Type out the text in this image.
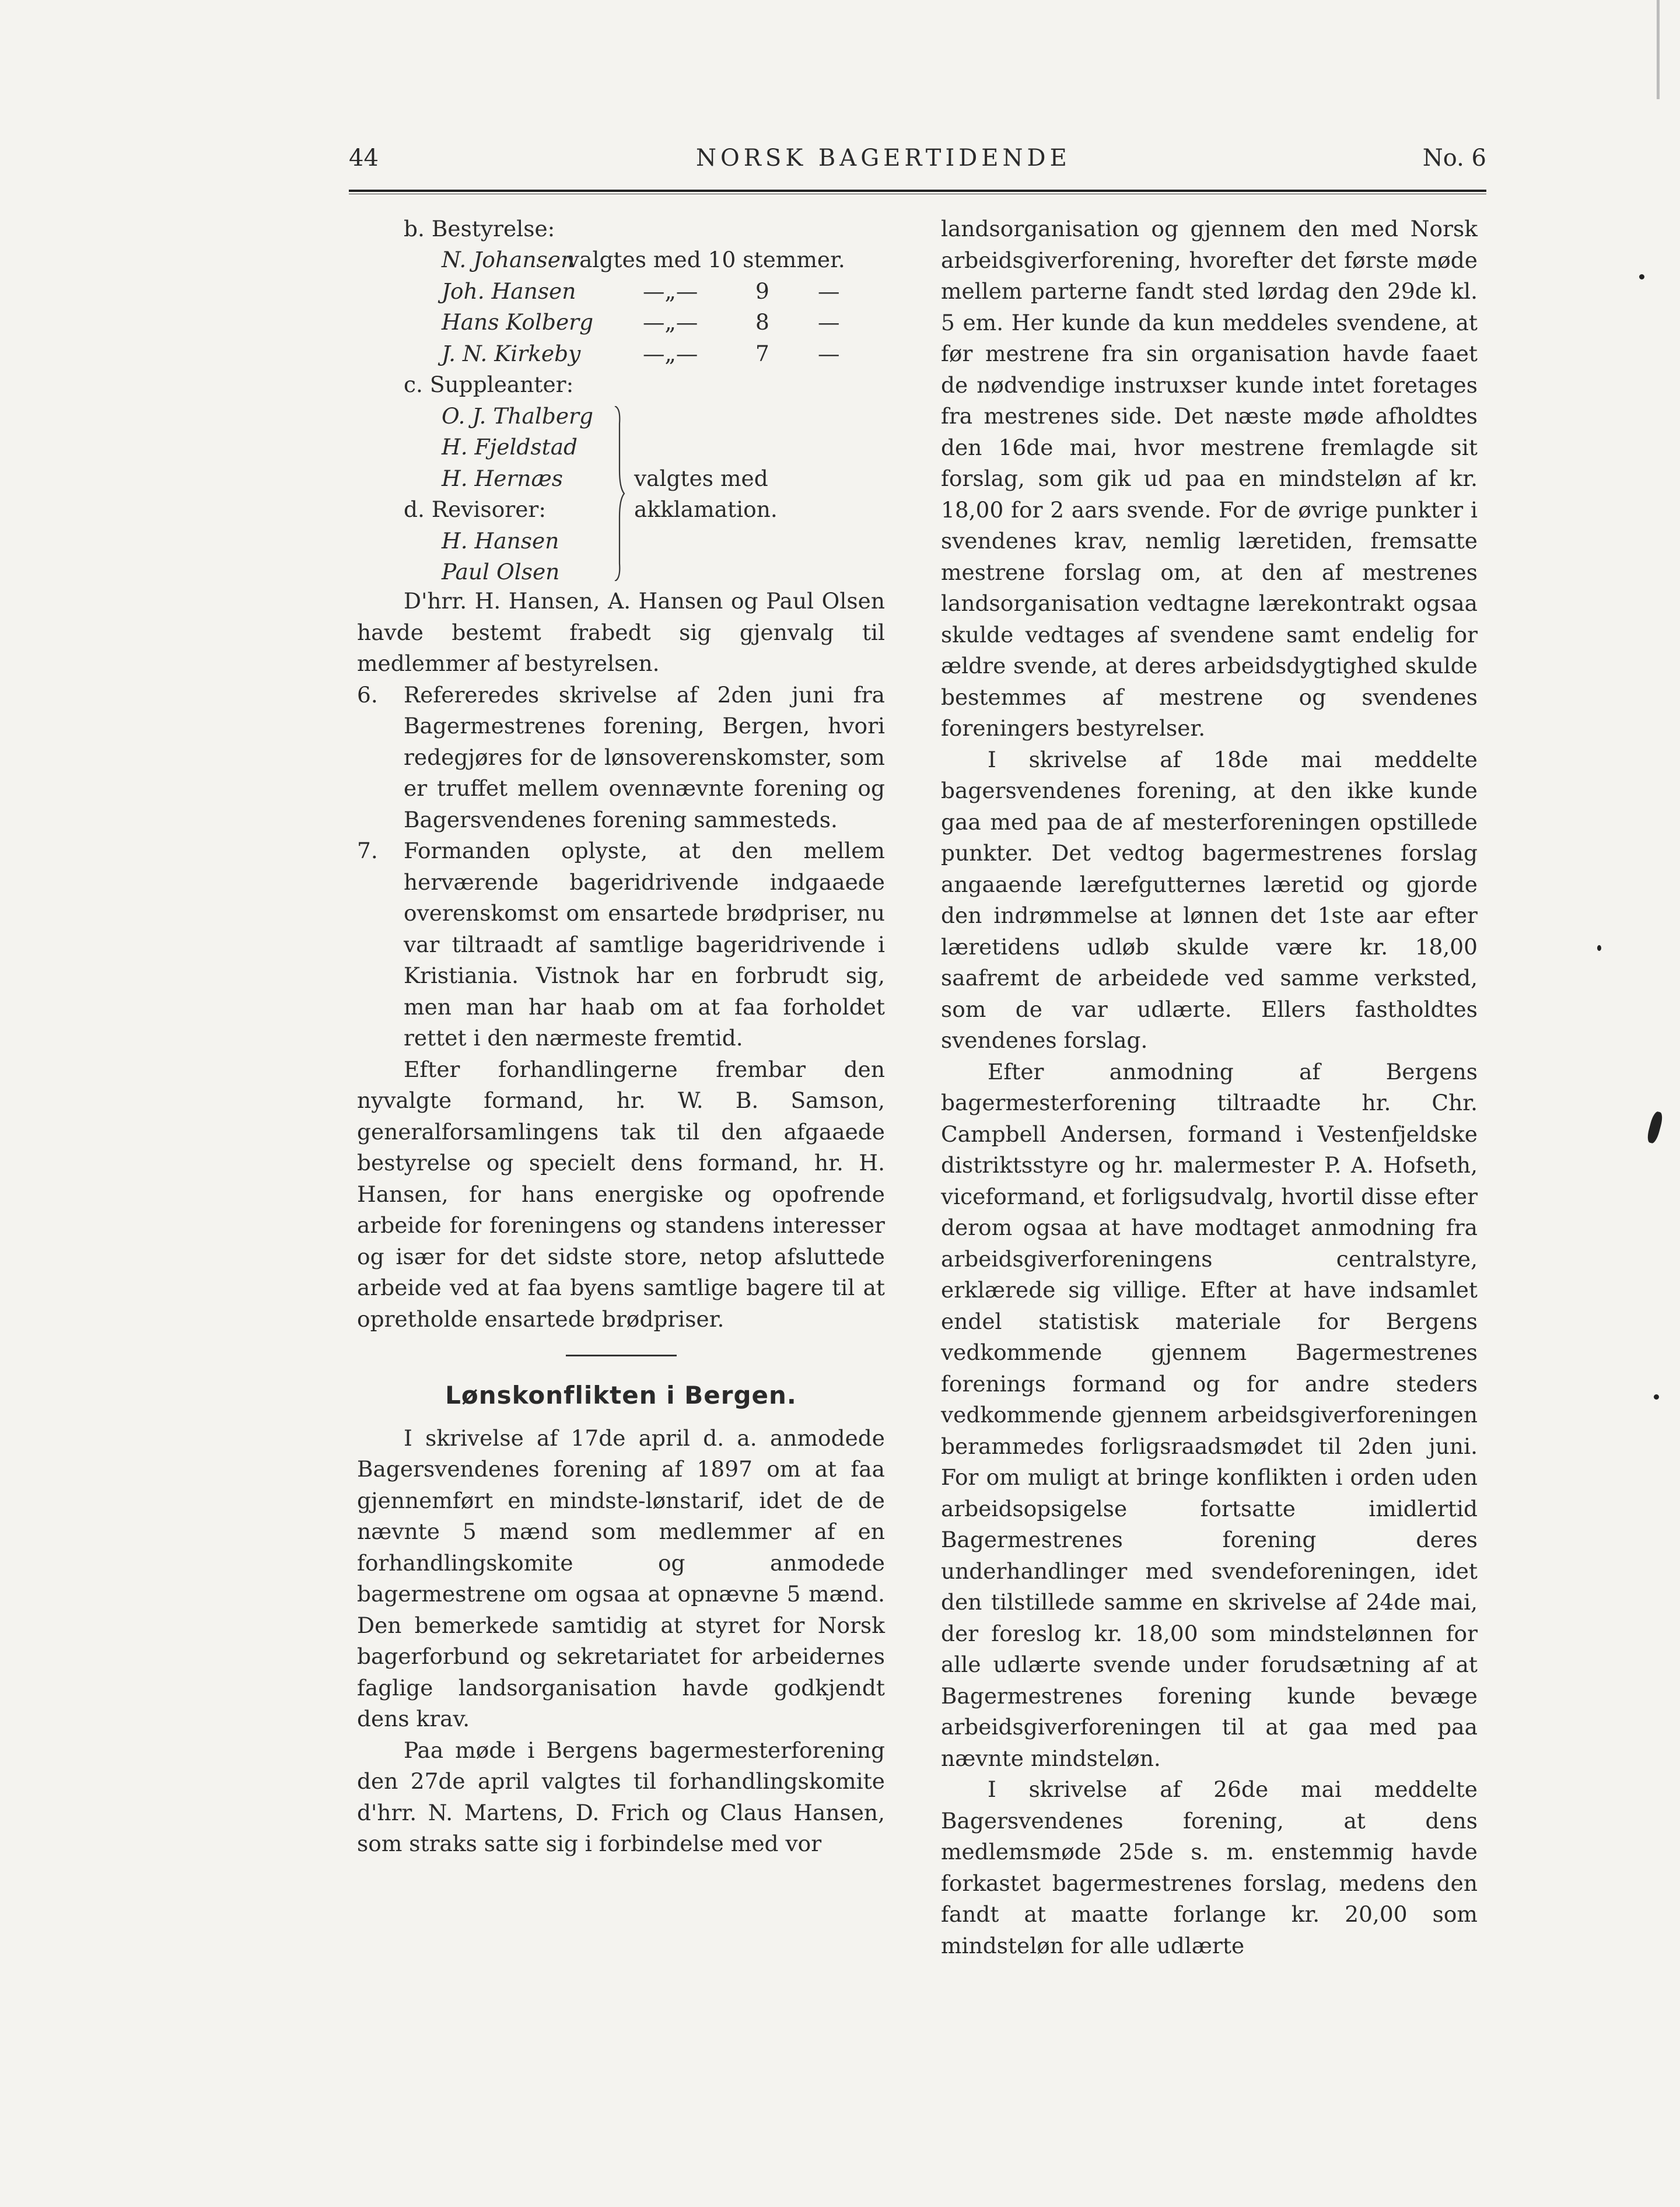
44	NORSK BAGERTIDENDE	No. 6
b. Bestyrelse:
N. Johansen
valgtes med 10 stemmer.
Joh. Hansen	—„—	9 —
Hans Kolberg —„—	8 —
J. N. Kirkeby	—„—	7 —
c. Suppleanter:
O. J. Thalberg
H. Fjeldstad
H. Hernæs
d. Revisorer:
H. Hansen
Paul Olsen
valgtes med
akklamation.

D'hrr. H. Hansen, A. Hansen og Paul Olsen havde bestemt frabedt sig gjenvalg til medlemmer af bestyrelsen.

6. Refereredes skrivelse af 2den juni fra Bagermestrenes forening, Bergen, hvori redegjøres for de lønsoverenskomster, som er truffet mellem ovennævnte forening og Bagersvendenes forening sammesteds.

7. Formanden oplyste, at den mellem herværende bageridrivende indgaaede overenskomst om ensartede brødpriser, nu var tiltraadt af samtlige bageridrivende i Kristiania. Vistnok har en forbrudt sig, men man har haab om at faa forholdet rettet i den nærmeste fremtid.

Efter forhandlingerne frembar den nyvalgte formand, hr. W. B. Samson, generalforsamlingens tak til den afgaaede bestyrelse og specielt dens formand, hr. H. Hansen, for hans energiske og opofrende arbeide for foreningens og standens interesser og især for det sidste store, netop afsluttede arbeide ved at faa byens samtlige bagere til at opretholde ensartede brødpriser.

Lønskonflikten i Bergen.

I skrivelse af 17de april d. a. anmodede Bagersvendenes forening af 1897 om at faa gjennemført en mindste-lønstarif, idet de de nævnte 5 mænd som medlemmer af en forhandlingskomite og anmodede bagermestrene om ogsaa at opnævne 5 mænd. Den bemerkede samtidig at styret for Norsk bagerforbund og sekretariatet for arbeidernes faglige landsorganisation havde godkjendt dens krav.

Paa møde i Bergens bagermesterforening den 27de april valgtes til forhandlingskomite d'hrr. N. Martens, D. Frich og Claus Hansen, som straks satte sig i forbindelse med vor

landsorganisation og gjennem den med Norsk arbeidsgiverforening, hvorefter det første møde mellem parterne fandt sted lørdag den 29de kl. 5 em. Her kunde da kun meddeles svendene, at før mestrene fra sin organisation havde faaet de nødvendige instruxser kunde intet foretages fra mestrenes side. Det næste møde afholdtes den 16de mai, hvor mestrene fremlagde sit forslag, som gik ud paa en mindsteløn af kr. 18,00 for 2 aars svende. For de øvrige punkter i svendenes krav, nemlig læretiden, fremsatte mestrene forslag om, at den af mestrenes landsorganisation vedtagne lærekontrakt ogsaa skulde vedtages af svendene samt endelig for ældre svende, at deres arbeidsdygtighed skulde bestemmes af mestrene og svendenes foreningers bestyrelser.

I skrivelse af 18de mai meddelte bagersvendenes forening, at den ikke kunde gaa med paa de af mesterforeningen opstillede punkter. Det vedtog bagermestrenes forslag angaaende lærefgutternes læretid og gjorde den indrømmelse at lønnen det 1ste aar efter læretidens udløb skulde være kr. 18,00 saafremt de arbeidede ved samme verksted, som de var udlærte. Ellers fastholdtes svendenes forslag.

Efter anmodning af Bergens bagermesterforening tiltraadte hr. Chr. Campbell Andersen, formand i Vestenfjeldske distriktsstyre og hr. malermester P. A. Hofseth, viceformand, et forligsudvalg, hvortil disse efter derom ogsaa at have modtaget anmodning fra arbeidsgiverforeningens centralstyre, erklærede sig villige. Efter at have indsamlet endel statistisk materiale for Bergens vedkommende gjennem Bagermestrenes forenings formand og for andre steders vedkommende gjennem arbeidsgiverforeningen berammedes forligsraadsmødet til 2den juni. For om muligt at bringe konflikten i orden uden arbeidsopsigelse fortsatte imidlertid Bagermestrenes forening deres underhandlinger med svendeforeningen, idet den tilstillede samme en skrivelse af 24de mai, der foreslog kr. 18,00 som mindstelønnen for alle udlærte svende under forudsætning af at Bagermestrenes forening kunde bevæge arbeidsgiverforeningen til at gaa med paa nævnte mindsteløn.

I skrivelse af 26de mai meddelte Bagersvendenes forening, at dens medlemsmøde 25de s. m. enstemmig havde forkastet bagermestrenes forslag, medens den fandt at maatte forlange kr. 20,00 som mindsteløn for alle udlærte
